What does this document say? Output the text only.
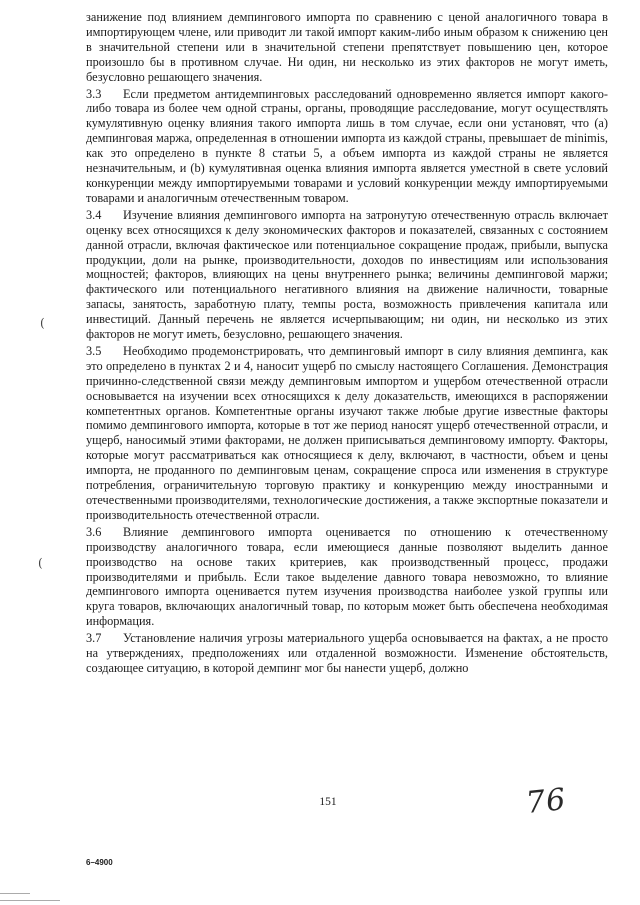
занижение под влиянием демпингового импорта по сравнению с ценой аналогичного товара в импортирующем члене, или приводит ли такой импорт каким-либо иным образом к снижению цен в значительной степени или в значительной степени препятствует повышению цен, которое произошло бы в противном случае. Ни один, ни несколько из этих факторов не могут иметь, безусловно решающего значения.

3.3 Если предметом антидемпинговых расследований одновременно является импорт какого-либо товара из более чем одной страны, органы, проводящие расследование, могут осуществлять кумулятивную оценку влияния такого импорта лишь в том случае, если они установят, что (a) демпинговая маржа, определенная в отношении импорта из каждой страны, превышает de minimis, как это определено в пункте 8 статьи 5, а объем импорта из каждой страны не является незначительным, и (b) кумулятивная оценка влияния импорта является уместной в свете условий конкуренции между импортируемыми товарами и условий конкуренции между импортируемыми товарами и аналогичным отечественным товаром.

3.4 Изучение влияния демпингового импорта на затронутую отечественную отрасль включает оценку всех относящихся к делу экономических факторов и показателей, связанных с состоянием данной отрасли, включая фактическое или потенциальное сокращение продаж, прибыли, выпуска продукции, доли на рынке, производительности, доходов по инвестициям или использования мощностей; факторов, влияющих на цены внутреннего рынка; величины демпинговой маржи; фактического или потенциального негативного влияния на движение наличности, товарные запасы, занятость, заработную плату, темпы роста, возможность привлечения капитала или инвестиций. Данный перечень не является исчерпывающим; ни один, ни несколько из этих факторов не могут иметь, безусловно, решающего значения.

3.5 Необходимо продемонстрировать, что демпинговый импорт в силу влияния демпинга, как это определено в пунктах 2 и 4, наносит ущерб по смыслу настоящего Соглашения. Демонстрация причинно-следственной связи между демпинговым импортом и ущербом отечественной отрасли основывается на изучении всех относящихся к делу доказательств, имеющихся в распоряжении компетентных органов. Компетентные органы изучают также любые другие известные факторы помимо демпингового импорта, которые в тот же период наносят ущерб отечественной отрасли, и ущерб, наносимый этими факторами, не должен приписываться демпинговому импорту. Факторы, которые могут рассматриваться как относящиеся к делу, включают, в частности, объем и цены импорта, не проданного по демпинговым ценам, сокращение спроса или изменения в структуре потребления, ограничительную торговую практику и конкуренцию между иностранными и отечественными производителями, технологические достижения, а также экспортные показатели и производительность отечественной отрасли.

3.6 Влияние демпингового импорта оценивается по отношению к отечественному производству аналогичного товара, если имеющиеся данные позволяют выделить данное производство на основе таких критериев, как производственный процесс, продажи производителями и прибыль. Если такое выделение давного товара невозможно, то влияние демпингового импорта оценивается путем изучения производства наиболее узкой группы или круга товаров, включающих аналогичный товар, по которым может быть обеспечена необходимая информация.

3.7 Установление наличия угрозы материального ущерба основывается на фактах, а не просто на утверждениях, предположениях или отдаленной возможности. Изменение обстоятельств, создающее ситуацию, в которой демпинг мог бы нанести ущерб, должно

151	76
6–4900
(
(
